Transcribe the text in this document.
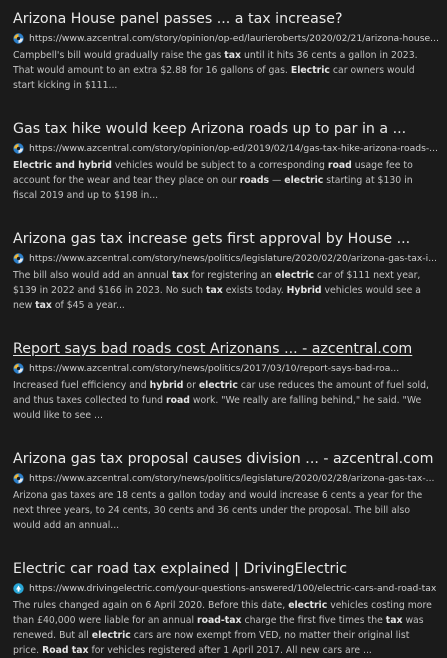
Arizona House panel passes ... a tax increase?
https://www.azcentral.com/story/opinion/op-ed/laurieroberts/2020/02/21/arizona-house...
Campbell's bill would gradually raise the gas tax until it hits 36 cents a gallon in 2023. That would amount to an extra $2.88 for 16 gallons of gas. Electric car owners would start kicking in $111...
Gas tax hike would keep Arizona roads up to par in a ...
https://www.azcentral.com/story/opinion/op-ed/2019/02/14/gas-tax-hike-arizona-roads-...
Electric and hybrid vehicles would be subject to a corresponding road usage fee to account for the wear and tear they place on our roads — electric starting at $130 in fiscal 2019 and up to $198 in...
Arizona gas tax increase gets first approval by House ...
https://www.azcentral.com/story/news/politics/legislature/2020/02/20/arizona-gas-tax-i...
The bill also would add an annual tax for registering an electric car of $111 next year, $139 in 2022 and $166 in 2023. No such tax exists today. Hybrid vehicles would see a new tax of $45 a year...
Report says bad roads cost Arizonans ... - azcentral.com
https://www.azcentral.com/story/news/politics/2017/03/10/report-says-bad-roa...
Increased fuel efficiency and hybrid or electric car use reduces the amount of fuel sold, and thus taxes collected to fund road work. "We really are falling behind," he said. "We would like to see ...
Arizona gas tax proposal causes division ... - azcentral.com
https://www.azcentral.com/story/news/politics/legislature/2020/02/28/arizona-gas-tax-...
Arizona gas taxes are 18 cents a gallon today and would increase 6 cents a year for the next three years, to 24 cents, 30 cents and 36 cents under the proposal. The bill also would add an annual...
Electric car road tax explained | DrivingElectric
https://www.drivingelectric.com/your-questions-answered/100/electric-cars-and-road-tax
The rules changed again on 6 April 2020. Before this date, electric vehicles costing more than £40,000 were liable for an annual road-tax charge the first five times the tax was renewed. But all electric cars are now exempt from VED, no matter their original list price. Road tax for vehicles registered after 1 April 2017. All new cars are ...
